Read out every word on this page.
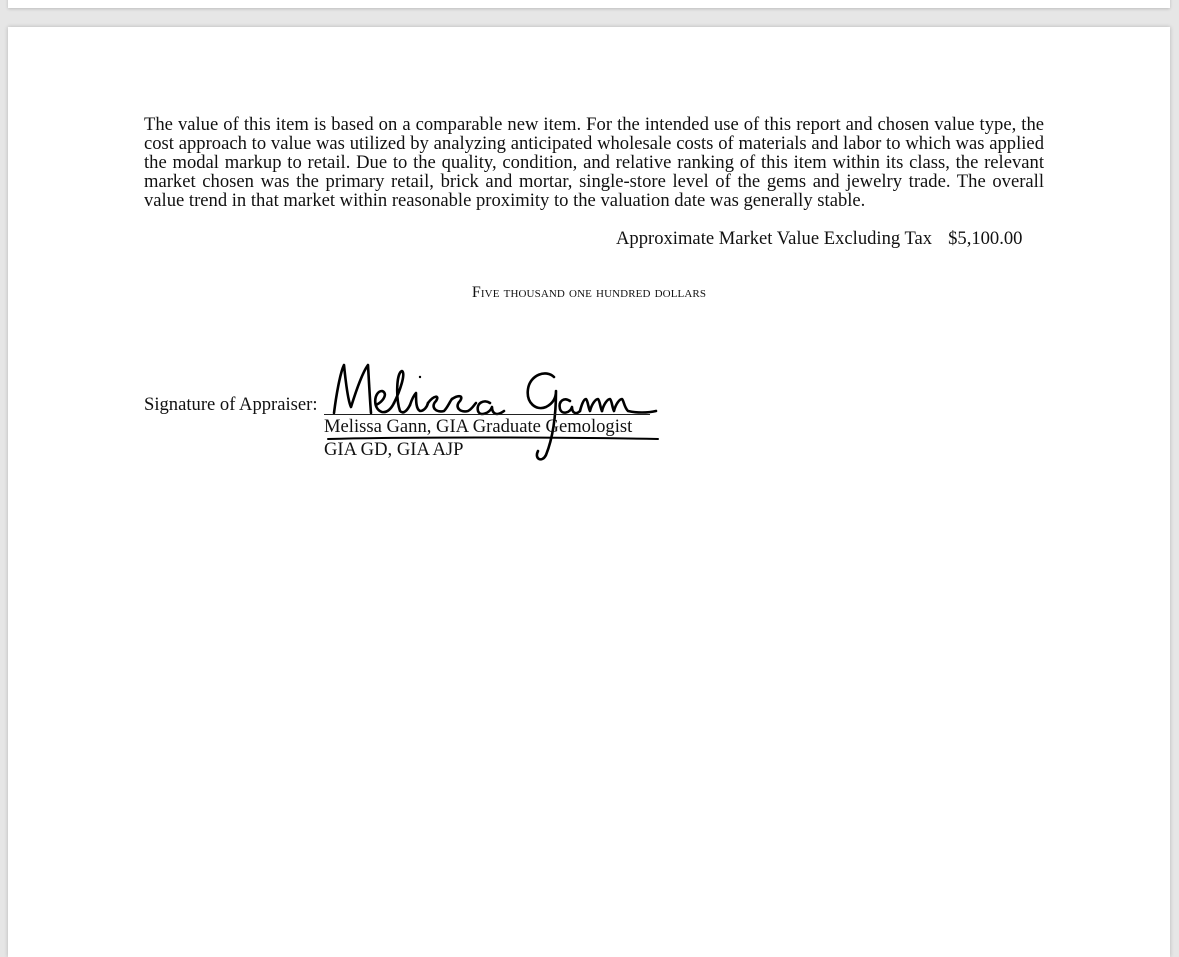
The value of this item is based on a comparable new item. For the intended use of this report and chosen value type, the cost approach to value was utilized by analyzing anticipated wholesale costs of materials and labor to which was applied the modal markup to retail. Due to the quality, condition, and relative ranking of this item within its class, the relevant market chosen was the primary retail, brick and mortar, single-store level of the gems and jewelry trade. The overall value trend in that market within reasonable proximity to the valuation date was generally stable.

Approximate Market Value Excluding Tax $5,100.00
Five thousand one hundred dollars
Signature of Appraiser:
Melissa Gann, GIA Graduate Gemologist
GIA GD, GIA AJP
